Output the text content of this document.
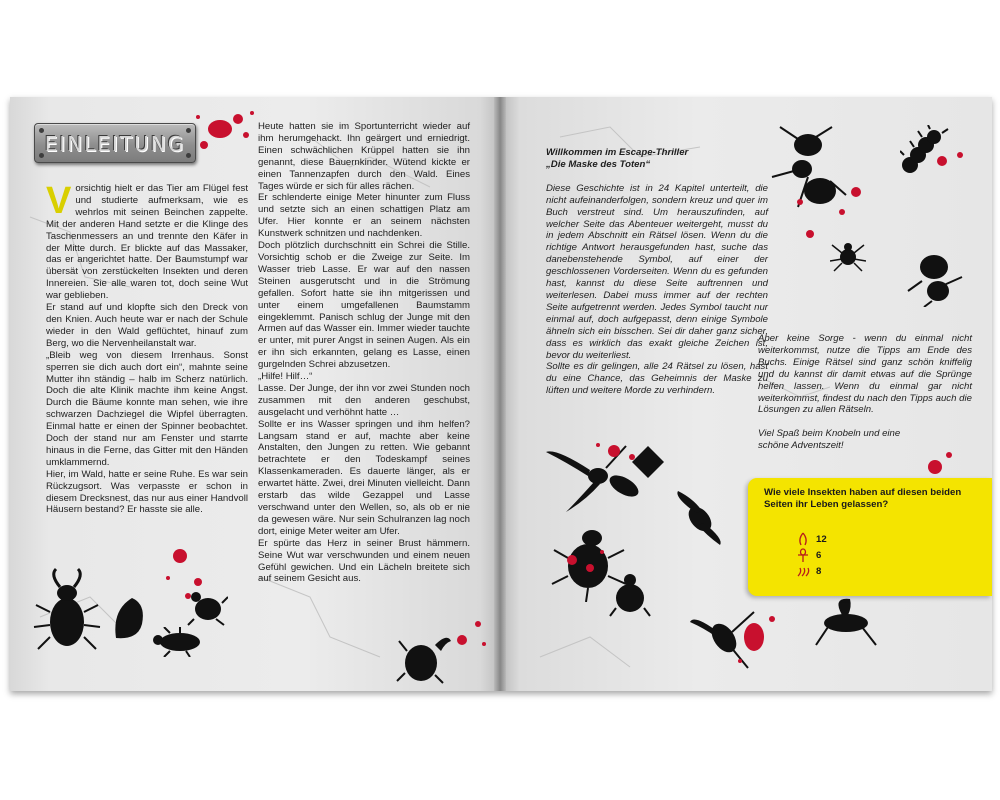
EINLEITUNG
V orsichtig hielt er das Tier am Flügel fest und studierte aufmerksam, wie es wehrlos mit seinen Beinchen zappelte. Mit der anderen Hand setzte er die Klinge des Taschenmessers an und trennte den Käfer in der Mitte durch. Er blickte auf das Massaker, das er angerichtet hatte. Der Baumstumpf war übersät von zerstückelten Insekten und deren Innereien. Sie alle waren tot, doch seine Wut war geblieben.

Er stand auf und klopfte sich den Dreck von den Knien. Auch heute war er nach der Schule wieder in den Wald geflüchtet, hinauf zum Berg, wo die Nervenheilanstalt war.

„Bleib weg von diesem Irrenhaus. Sonst sperren sie dich auch dort ein“, mahnte seine Mutter ihn ständig – halb im Scherz natürlich. Doch die alte Klinik machte ihm keine Angst. Durch die Bäume konnte man sehen, wie ihre schwarzen Dachziegel die Wipfel überragten. Einmal hatte er einen der Spinner beobachtet. Doch der stand nur am Fenster und starrte hinaus in die Ferne, das Gitter mit den Händen umklammernd.

Hier, im Wald, hatte er seine Ruhe. Es war sein Rückzugsort. Was verpasste er schon in diesem Drecksnest, das nur aus einer Handvoll Häusern bestand? Er hasste sie alle.

Heute hatten sie im Sportunterricht wieder auf ihm herumgehackt. Ihn geärgert und erniedrigt. Einen schwächlichen Krüppel hatten sie ihn genannt, diese Bauernkinder. Wütend kickte er einen Tannenzapfen durch den Wald. Eines Tages würde er sich für alles rächen.

Er schlenderte einige Meter hinunter zum Fluss und setzte sich an einen schattigen Platz am Ufer. Hier konnte er an seinem nächsten Kunstwerk schnitzen und nachdenken.

Doch plötzlich durchschnitt ein Schrei die Stille. Vorsichtig schob er die Zweige zur Seite. Im Wasser trieb Lasse. Er war auf den nassen Steinen ausgerutscht und in die Strömung gefallen. Sofort hatte sie ihn mitgerissen und unter einem umgefallenen Baumstamm eingeklemmt. Panisch schlug der Junge mit den Armen auf das Wasser ein. Immer wieder tauchte er unter, mit purer Angst in seinen Augen. Als ein er ihn sich erkannten, gelang es Lasse, einen gurgelnden Schrei abzusetzen.

„Hilfe! Hilf…“

Lasse. Der Junge, der ihn vor zwei Stunden noch zusammen mit den anderen geschubst, ausgelacht und verhöhnt hatte …

Sollte er ins Wasser springen und ihm helfen? Langsam stand er auf, machte aber keine Anstalten, den Jungen zu retten. Wie gebannt betrachtete er den Todeskampf seines Klassenkameraden. Es dauerte länger, als er erwartet hätte. Zwei, drei Minuten vielleicht. Dann erstarb das wilde Gezappel und Lasse verschwand unter den Wellen, so, als ob er nie da gewesen wäre. Nur sein Schulranzen lag noch dort, einige Meter weiter am Ufer.

Er spürte das Herz in seiner Brust hämmern. Seine Wut war verschwunden und einem neuen Gefühl gewichen. Und ein Lächeln breitete sich auf seinem Gesicht aus.

Willkommen im Escape-Thriller

„Die Maske des Toten“

Diese Geschichte ist in 24 Kapitel unterteilt, die nicht aufeinanderfolgen, sondern kreuz und quer im Buch verstreut sind. Um herauszufinden, auf welcher Seite das Abenteuer weitergeht, musst du in jedem Abschnitt ein Rätsel lösen. Wenn du die richtige Antwort herausgefunden hast, suche das danebenstehende Symbol, auf einer der geschlossenen Vorderseiten. Wenn du es gefunden hast, kannst du diese Seite auftrennen und weiterlesen. Dabei muss immer auf der rechten Seite aufgetrennt werden. Jedes Symbol taucht nur einmal auf, doch aufgepasst, denn einige Symbole ähneln sich ein bisschen. Sei dir daher ganz sicher, dass es wirklich das exakt gleiche Zeichen ist, bevor du weiterliest.

Sollte es dir gelingen, alle 24 Rätsel zu lösen, hast du eine Chance, das Geheimnis der Maske zu lüften und weitere Morde zu verhindern.

Aber keine Sorge - wenn du einmal nicht weiterkommst, nutze die Tipps am Ende des Buchs. Einige Rätsel sind ganz schön kniffelig und du kannst dir damit etwas auf die Sprünge helfen lassen. Wenn du einmal gar nicht weiterkommst, findest du nach den Tipps auch die Lösungen zu allen Rätseln.

Viel Spaß beim Knobeln und eine schöne Adventszeit!

Wie viele Insekten haben auf diesen beiden Seiten ihr Leben gelassen?
12
6
8
